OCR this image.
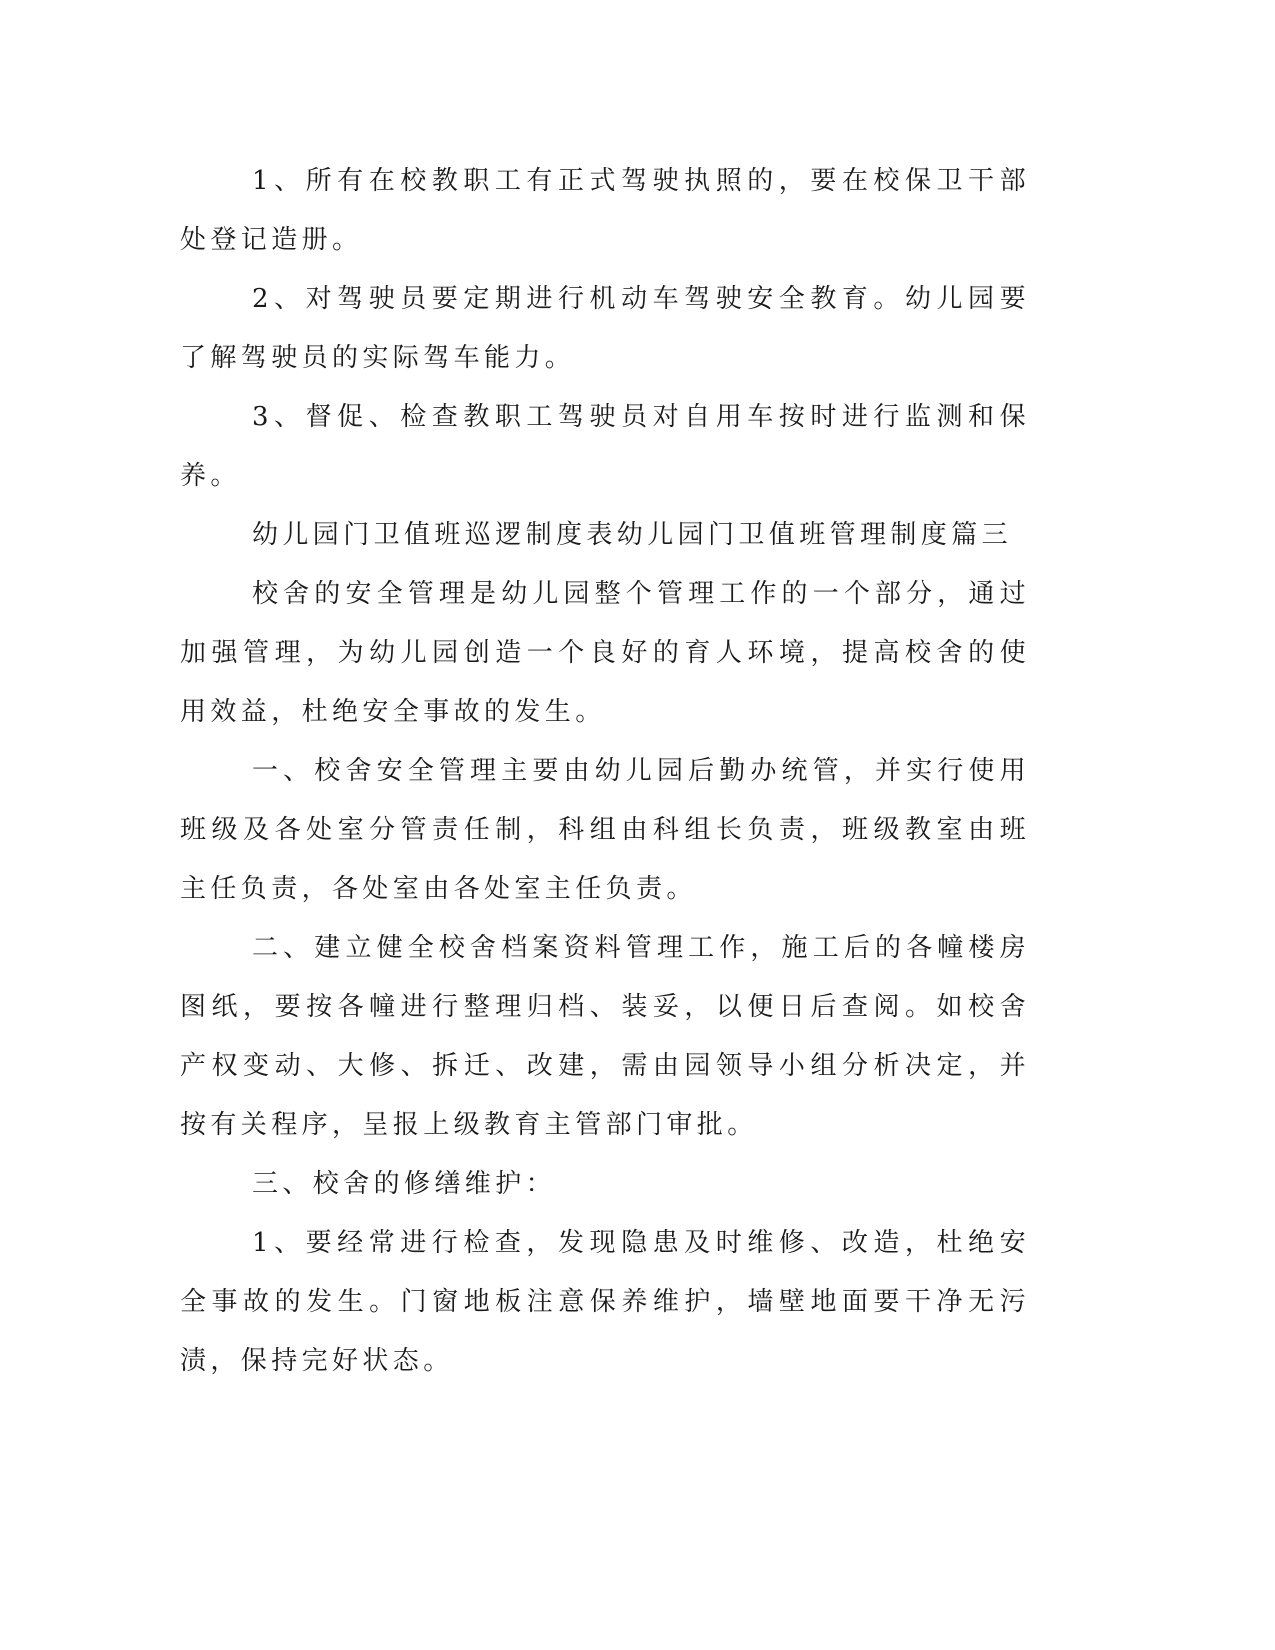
1、所有在校教职工有正式驾驶执照的，要在校保卫干部处登记造册。

2、对驾驶员要定期进行机动车驾驶安全教育。幼儿园要了解驾驶员的实际驾车能力。

3、督促、检查教职工驾驶员对自用车按时进行监测和保养。

幼儿园门卫值班巡逻制度表幼儿园门卫值班管理制度篇三

校舍的安全管理是幼儿园整个管理工作的一个部分，通过加强管理，为幼儿园创造一个良好的育人环境，提高校舍的使用效益，杜绝安全事故的发生。

一、校舍安全管理主要由幼儿园后勤办统管，并实行使用班级及各处室分管责任制，科组由科组长负责，班级教室由班主任负责，各处室由各处室主任负责。

二、建立健全校舍档案资料管理工作，施工后的各幢楼房图纸，要按各幢进行整理归档、装妥，以便日后查阅。如校舍产权变动、大修、拆迁、改建，需由园领导小组分析决定，并按有关程序，呈报上级教育主管部门审批。

三、校舍的修缮维护：

1、要经常进行检查，发现隐患及时维修、改造，杜绝安全事故的发生。门窗地板注意保养维护，墙壁地面要干净无污渍，保持完好状态。
